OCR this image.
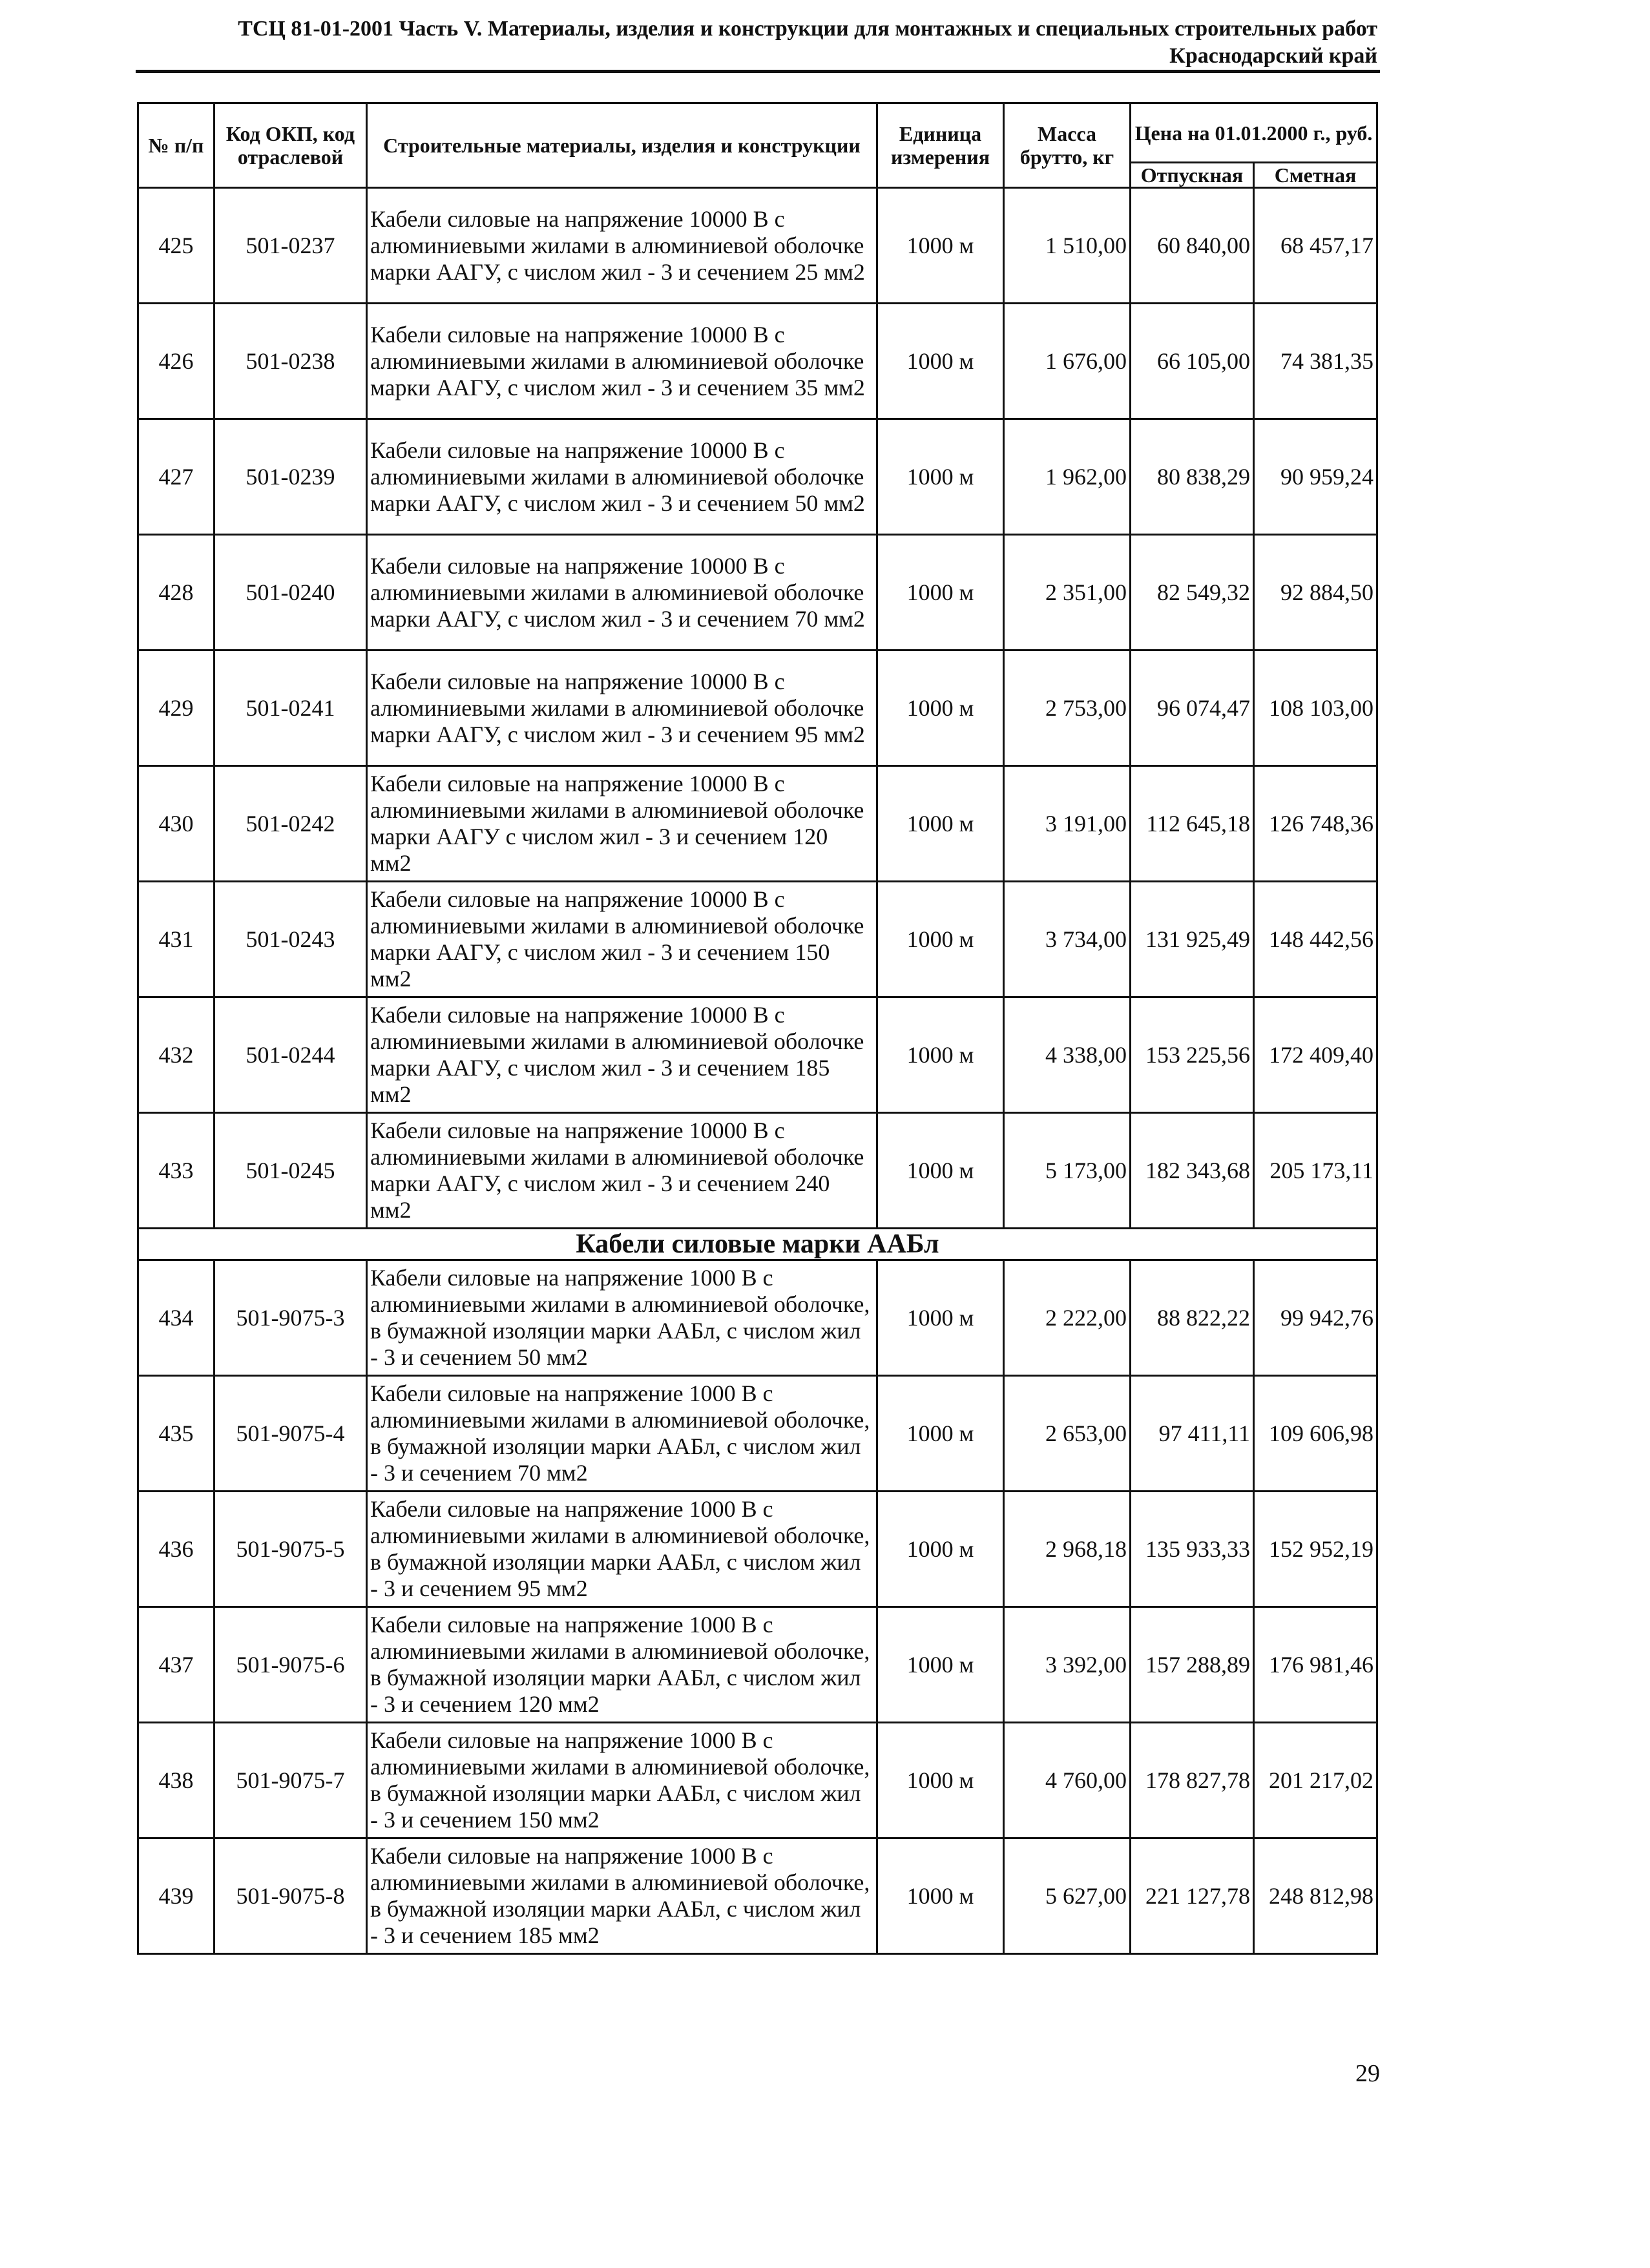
ТСЦ 81-01-2001 Часть V. Материалы, изделия и конструкции для монтажных и специальных строительных работ
Краснодарский край
№ п/п	Код ОКП, код отраслевой	Строительные материалы, изделия и конструкции	Единица измерения	Масса брутто, кг	Цена на 01.01.2000 г., руб.	
					Отпускная	Сметная
425	501-0237	Кабели силовые на напряжение 10000 В с алюминиевыми жилами в алюминиевой оболочке марки ААГУ, с числом жил - 3 и сечением 25 мм2	1000 м	1 510,00	60 840,00	68 457,17
426	501-0238	Кабели силовые на напряжение 10000 В с алюминиевыми жилами в алюминиевой оболочке марки ААГУ, с числом жил - 3 и сечением 35 мм2	1000 м	1 676,00	66 105,00	74 381,35
427	501-0239	Кабели силовые на напряжение 10000 В с алюминиевыми жилами в алюминиевой оболочке марки ААГУ, с числом жил - 3 и сечением 50 мм2	1000 м	1 962,00	80 838,29	90 959,24
428	501-0240	Кабели силовые на напряжение 10000 В с алюминиевыми жилами в алюминиевой оболочке марки ААГУ, с числом жил - 3 и сечением 70 мм2	1000 м	2 351,00	82 549,32	92 884,50
429	501-0241	Кабели силовые на напряжение 10000 В с алюминиевыми жилами в алюминиевой оболочке марки ААГУ, с числом жил - 3 и сечением 95 мм2	1000 м	2 753,00	96 074,47	108 103,00
430	501-0242	Кабели силовые на напряжение 10000 В с алюминиевыми жилами в алюминиевой оболочке марки ААГУ с числом жил - 3 и сечением 120 мм2	1000 м	3 191,00	112 645,18	126 748,36
431	501-0243	Кабели силовые на напряжение 10000 В с алюминиевыми жилами в алюминиевой оболочке марки ААГУ, с числом жил - 3 и сечением 150 мм2	1000 м	3 734,00	131 925,49	148 442,56
432	501-0244	Кабели силовые на напряжение 10000 В с алюминиевыми жилами в алюминиевой оболочке марки ААГУ, с числом жил - 3 и сечением 185 мм2	1000 м	4 338,00	153 225,56	172 409,40
433	501-0245	Кабели силовые на напряжение 10000 В с алюминиевыми жилами в алюминиевой оболочке марки ААГУ, с числом жил - 3 и сечением 240 мм2	1000 м	5 173,00	182 343,68	205 173,11
Кабели силовые марки ААБл						
434	501-9075-3	Кабели силовые на напряжение 1000 В с алюминиевыми жилами в алюминиевой оболочке, в бумажной изоляции марки ААБл, с числом жил - 3 и сечением 50 мм2	1000 м	2 222,00	88 822,22	99 942,76
435	501-9075-4	Кабели силовые на напряжение 1000 В с алюминиевыми жилами в алюминиевой оболочке, в бумажной изоляции марки ААБл, с числом жил - 3 и сечением 70 мм2	1000 м	2 653,00	97 411,11	109 606,98
436	501-9075-5	Кабели силовые на напряжение 1000 В с алюминиевыми жилами в алюминиевой оболочке, в бумажной изоляции марки ААБл, с числом жил - 3 и сечением 95 мм2	1000 м	2 968,18	135 933,33	152 952,19
437	501-9075-6	Кабели силовые на напряжение 1000 В с алюминиевыми жилами в алюминиевой оболочке, в бумажной изоляции марки ААБл, с числом жил - 3 и сечением 120 мм2	1000 м	3 392,00	157 288,89	176 981,46
438	501-9075-7	Кабели силовые на напряжение 1000 В с алюминиевыми жилами в алюминиевой оболочке, в бумажной изоляции марки ААБл, с числом жил - 3 и сечением 150 мм2	1000 м	4 760,00	178 827,78	201 217,02
439	501-9075-8	Кабели силовые на напряжение 1000 В с алюминиевыми жилами в алюминиевой оболочке, в бумажной изоляции марки ААБл, с числом жил - 3 и сечением 185 мм2	1000 м	5 627,00	221 127,78	248 812,98
29
